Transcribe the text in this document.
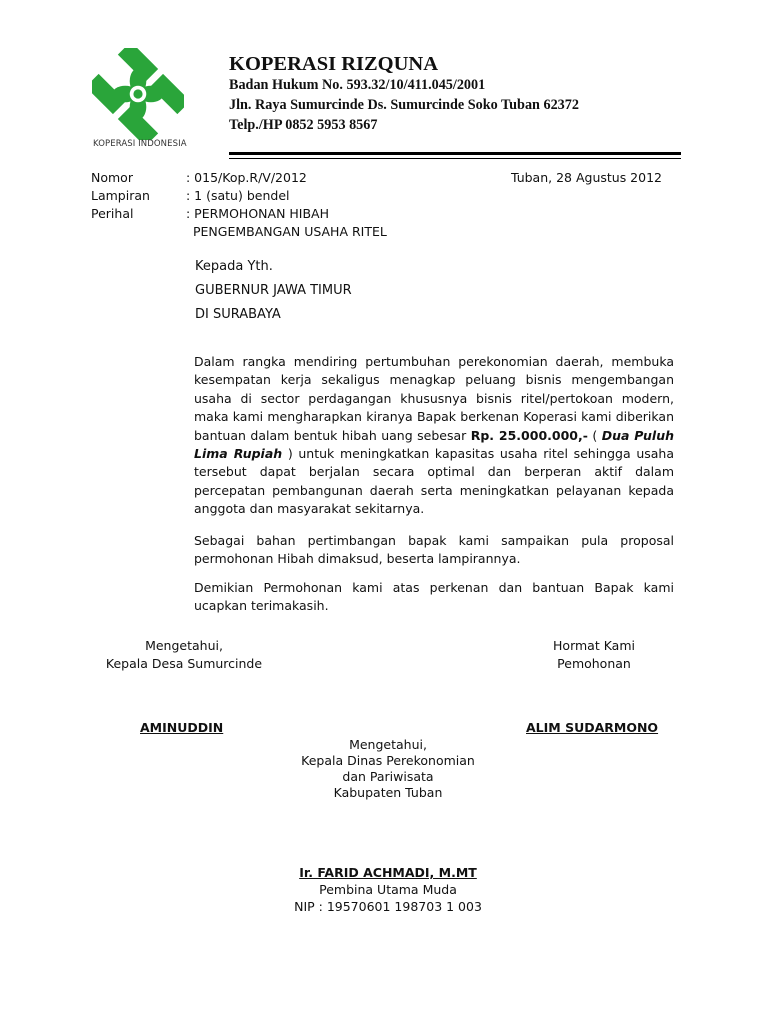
KOPERASI INDONESIA
KOPERASI RIZQUNA
Badan Hukum No. 593.32/10/411.045/2001
Jln. Raya Sumurcinde Ds. Sumurcinde Soko Tuban 62372
Telp./HP 0852 5953 8567
Nomor	: 015/Kop.R/V/2012	Tuban, 28 Agustus 2012
Lampiran	: 1 (satu) bendel
Perihal	: PERMOHONAN HIBAH
PENGEMBANGAN USAHA RITEL
Kepada Yth.
GUBERNUR JAWA TIMUR
DI SURABAYA

Dalam rangka mendiring pertumbuhan perekonomian daerah, membuka kesempatan kerja sekaligus menagkap peluang bisnis mengembangan usaha di sector perdagangan khususnya bisnis ritel/pertokoan modern, maka kami mengharapkan kiranya Bapak berkenan Koperasi kami diberikan bantuan dalam bentuk hibah uang sebesar Rp. 25.000.000,- ( Dua Puluh Lima Rupiah ) untuk meningkatkan kapasitas usaha ritel sehingga usaha tersebut dapat berjalan secara optimal dan berperan aktif dalam percepatan pembangunan daerah serta meningkatkan pelayanan kepada anggota dan masyarakat sekitarnya.

Sebagai bahan pertimbangan bapak kami sampaikan pula proposal permohonan Hibah dimaksud, beserta lampirannya.

Demikian Permohonan kami atas perkenan dan bantuan Bapak kami ucapkan terimakasih.

Mengetahui,
Kepala Desa Sumurcinde
AMINUDDIN
Hormat Kami
Pemohonan
ALIM SUDARMONO
Mengetahui,
Kepala Dinas Perekonomian
dan Pariwisata
Kabupaten Tuban
Ir. FARID ACHMADI, M.MT
Pembina Utama Muda
NIP : 19570601 198703 1 003
